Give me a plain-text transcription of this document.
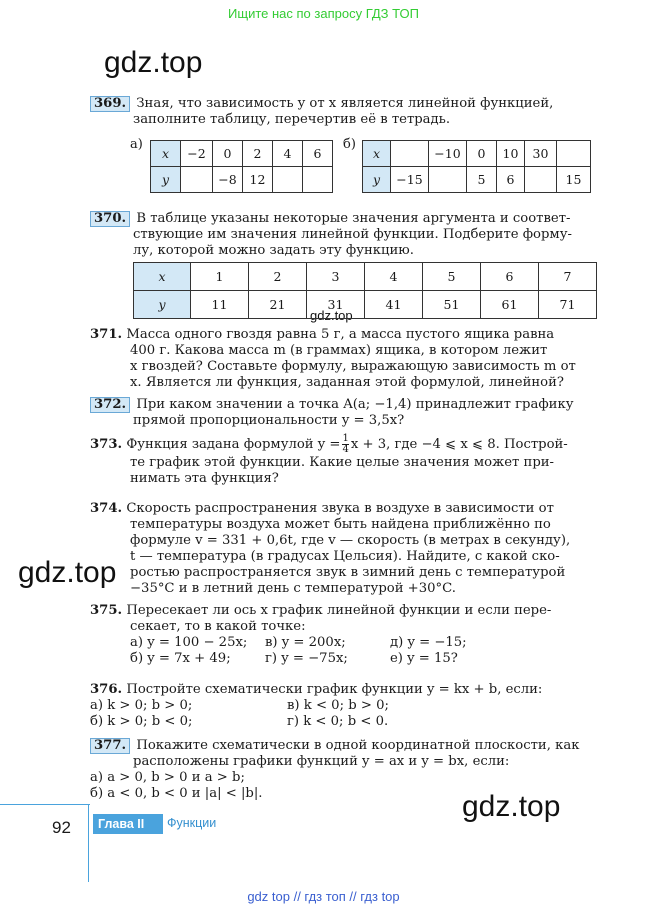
Ищите нас по запросу ГДЗ ТОП
gdz.top
gdz.top
gdz.top
gdz.top
369. Зная, что зависимость y от x является линейной функцией,
заполните таблицу, перечертив её в тетрадь.
а)
x	−2	0	2	4	6
y		−8	12		
б)
x		−10	0	10	30	
y	−15		5	6		15
370. В таблице указаны некоторые значения аргумента и соответ-
ствующие им значения линейной функции. Подберите форму-
лу, которой можно задать эту функцию.
x	1	2	3	4	5	6	7
y	11	21	31	41	51	61	71
371. Масса одного гвоздя равна 5 г, а масса пустого ящика равна
400 г. Какова масса m (в граммах) ящика, в котором лежит
x гвоздей? Составьте формулу, выражающую зависимость m от
x. Является ли функция, заданная этой формулой, линейной?
372. При каком значении a точка A(a; −1,4) принадлежит графику
прямой пропорциональности y = 3,5x?
373. Функция задана формулой $y = \frac{1}{4}$ x + 3, где −4 ⩽ x ⩽ 8. Построй-
те график этой функции. Какие целые значения может при-
нимать эта функция?
374. Скорость распространения звука в воздухе в зависимости от
температуры воздуха может быть найдена приближённо по
формуле v = 331 + 0,6t, где v — скорость (в метрах в секунду),
t — температура (в градусах Цельсия). Найдите, с какой ско-
ростью распространяется звук в зимний день с температурой
−35°C и в летний день с температурой +30°C.
375. Пересекает ли ось x график линейной функции и если пере-
секает, то в какой точке:
а) y = 100 − 25x;
б) y = 7x + 49;
в) y = 200x;
г) y = −75x;
д) y = −15;
е) y = 15?
376. Постройте схематически график функции y = kx + b, если:
а) k > 0; b > 0;
б) k > 0; b < 0;
в) k < 0; b > 0;
г) k < 0; b < 0.
377. Покажите схематически в одной координатной плоскости, как
расположены графики функций y = ax и y = bx, если:
а) a > 0, b > 0 и a > b;
б) a < 0, b < 0 и |a| < |b|.
92	Глава II	Функции
gdz top // гдз топ // гдз top
